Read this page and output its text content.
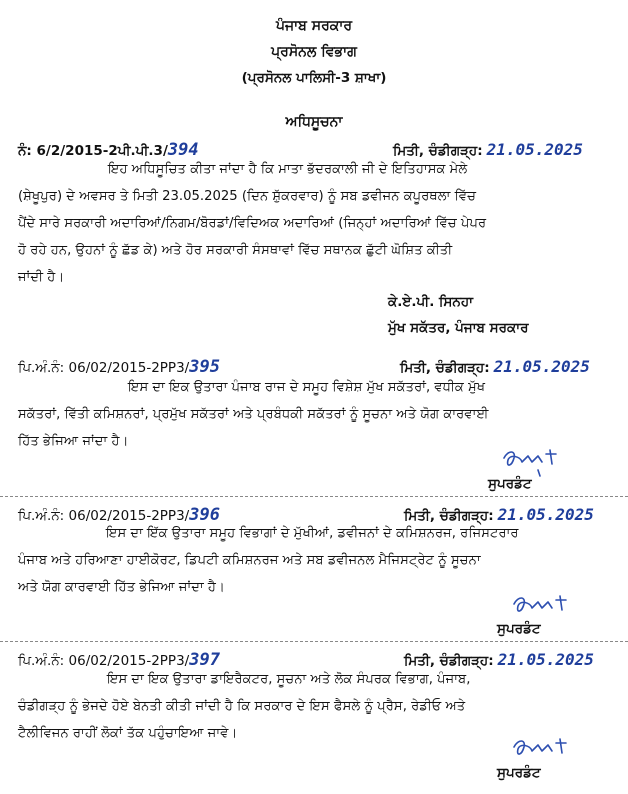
ਪੰਜਾਬ ਸਰਕਾਰ
ਪ੍ਰਸੋਨਲ ਵਿਭਾਗ
(ਪ੍ਰਸੋਨਲ ਪਾਲਿਸੀ-3 ਸ਼ਾਖਾ)
ਅਧਿਸੂਚਨਾ
ਨੰ: 6/2/2015-2ਪੀ.ਪੀ.3/394	ਮਿਤੀ, ਚੰਡੀਗੜ੍ਹ: 21.05.2025
ਇਹ ਅਧਿਸੂਚਿਤ ਕੀਤਾ ਜਾਂਦਾ ਹੈ ਕਿ ਮਾਤਾ ਭੱਦਰਕਾਲੀ ਜੀ ਦੇ ਇਤਿਹਾਸਕ ਮੇਲੇ
(ਸ਼ੇਖੂਪੁਰ) ਦੇ ਅਵਸਰ ਤੇ ਮਿਤੀ 23.05.2025 (ਦਿਨ ਸ਼ੁੱਕਰਵਾਰ) ਨੂੰ ਸਬ ਡਵੀਜਨ ਕਪੂਰਥਲਾ ਵਿੱਚ
ਪੈਂਦੇ ਸਾਰੇ ਸਰਕਾਰੀ ਅਦਾਰਿਆਂ/ਨਿਗਮ/ਬੋਰਡਾਂ/ਵਿਦਿਅਕ ਅਦਾਰਿਆਂ (ਜਿਨ੍ਹਾਂ ਅਦਾਰਿਆਂ ਵਿੱਚ ਪੇਪਰ
ਹੋ ਰਹੇ ਹਨ, ਉਹਨਾਂ ਨੂੰ ਛੱਡ ਕੇ) ਅਤੇ ਹੋਰ ਸਰਕਾਰੀ ਸੰਸਥਾਵਾਂ ਵਿੱਚ ਸਥਾਨਕ ਛੁੱਟੀ ਘੋਸ਼ਿਤ ਕੀਤੀ
ਜਾਂਦੀ ਹੈ।
ਕੇ.ਏ.ਪੀ. ਸਿਨਹਾ
ਮੁੱਖ ਸਕੱਤਰ, ਪੰਜਾਬ ਸਰਕਾਰ
ਪਿ.ਅੰ.ਨੰ: 06/02/2015-2PP3/395	ਮਿਤੀ, ਚੰਡੀਗੜ੍ਹ: 21.05.2025
ਇਸ ਦਾ ਇਕ ਉਤਾਰਾ ਪੰਜਾਬ ਰਾਜ ਦੇ ਸਮੂਹ ਵਿਸ਼ੇਸ਼ ਮੁੱਖ ਸਕੱਤਰਾਂ, ਵਧੀਕ ਮੁੱਖ
ਸਕੱਤਰਾਂ, ਵਿੱਤੀ ਕਮਿਸ਼ਨਰਾਂ, ਪ੍ਰਮੁੱਖ ਸਕੱਤਰਾਂ ਅਤੇ ਪ੍ਰਬੰਧਕੀ ਸਕੱਤਰਾਂ ਨੂੰ ਸੂਚਨਾ ਅਤੇ ਯੋਗ ਕਾਰਵਾਈ
ਹਿੱਤ ਭੇਜਿਆ ਜਾਂਦਾ ਹੈ।
ਸੁਪਰਡੰਟ
ਪਿ.ਅੰ.ਨੰ: 06/02/2015-2PP3/396	ਮਿਤੀ, ਚੰਡੀਗੜ੍ਹ: 21.05.2025
ਇਸ ਦਾ ਇੱਕ ਉਤਾਰਾ ਸਮੂਹ ਵਿਭਾਗਾਂ ਦੇ ਮੁੱਖੀਆਂ, ਡਵੀਜਨਾਂ ਦੇ ਕਮਿਸ਼ਨਰਜ, ਰਜਿਸਟਰਾਰ
ਪੰਜਾਬ ਅਤੇ ਹਰਿਆਣਾ ਹਾਈਕੋਰਟ, ਡਿਪਟੀ ਕਮਿਸ਼ਨਰਜ ਅਤੇ ਸਬ ਡਵੀਜਨਲ ਮੈਜਿਸਟ੍ਰੇਟ ਨੂੰ ਸੂਚਨਾ
ਅਤੇ ਯੋਗ ਕਾਰਵਾਈ ਹਿੱਤ ਭੇਜਿਆ ਜਾਂਦਾ ਹੈ।
ਸੁਪਰਡੰਟ
ਪਿ.ਅੰ.ਨੰ: 06/02/2015-2PP3/397	ਮਿਤੀ, ਚੰਡੀਗੜ੍ਹ: 21.05.2025
ਇਸ ਦਾ ਇਕ ਉਤਾਰਾ ਡਾਇਰੈਕਟਰ, ਸੂਚਨਾ ਅਤੇ ਲੋਕ ਸੰਪਰਕ ਵਿਭਾਗ, ਪੰਜਾਬ,
ਚੰਡੀਗੜ੍ਹ ਨੂੰ ਭੇਜਦੇ ਹੋਏ ਬੇਨਤੀ ਕੀਤੀ ਜਾਂਦੀ ਹੈ ਕਿ ਸਰਕਾਰ ਦੇ ਇਸ ਫੈਸਲੇ ਨੂੰ ਪ੍ਰੈਸ, ਰੇਡੀਓ ਅਤੇ
ਟੈਲੀਵਿਜਨ ਰਾਹੀਂ ਲੋਕਾਂ ਤੱਕ ਪਹੁੰਚਾਇਆ ਜਾਵੇ।
ਸੁਪਰਡੰਟ
